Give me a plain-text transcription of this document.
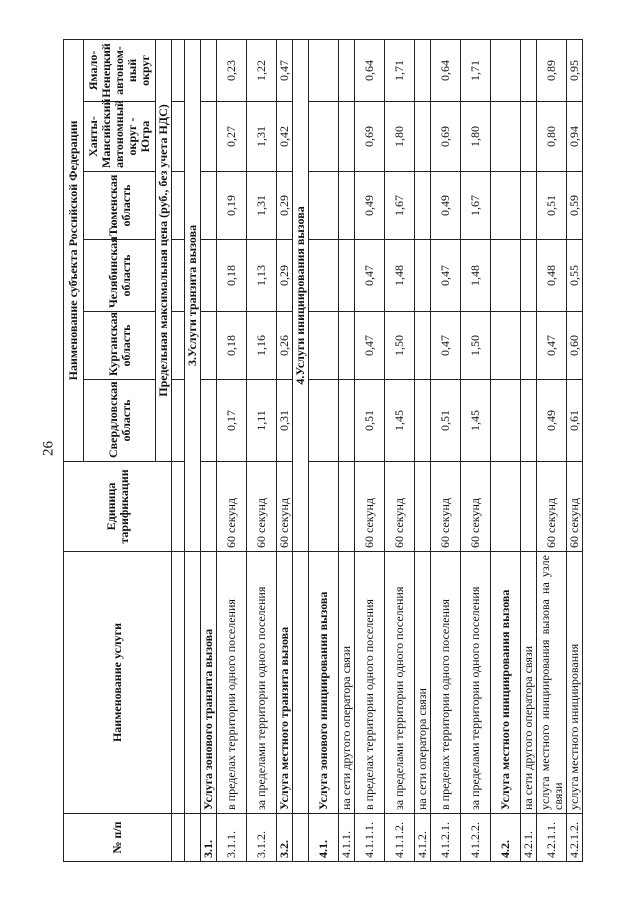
26
№ п/п	Наименование услуги	Единица тарификации	Наименование субъекта Российской Федерации					
			Свердловская область	Курганская область	Челябинская область	Тюменская область	Ханты-Мансийский автономный округ - Югра	Ямало-Ненецкий автоном-ный округ
			Предельная максимальная цена (руб., без учета НДС)					

		3.Услуги транзита вызова						
3.1.	Услуга зонового транзита вызова							
3.1.1.	в пределах территории одного поселения	60 секунд	0,17	0,18	0,18	0,19	0,27	0,23
3.1.2.	за пределами территории одного поселения	60 секунд	1,11	1,16	1,13	1,31	1,31	1,22
3.2.	Услуга местного транзита вызова	60 секунд	0,31	0,26	0,29	0,29	0,42	0,47
		4.Услуги инициирования вызова						
4.1.	Услуга зонового инициирования вызова							
4.1.1.	на сети другого оператора связи							
4.1.1.1.	в пределах территории одного поселения	60 секунд	0,51	0,47	0,47	0,49	0,69	0,64
4.1.1.2.	за пределами территории одного поселения	60 секунд	1,45	1,50	1,48	1,67	1,80	1,71
4.1.2.	на сети оператора связи							
4.1.2.1.	в пределах территории одного поселения	60 секунд	0,51	0,47	0,47	0,49	0,69	0,64
4.1.2.2.	за пределами территории одного поселения	60 секунд	1,45	1,50	1,48	1,67	1,80	1,71
4.2.	Услуга местного инициирования вызова							
4.2.1.	на сети другого оператора связи							
4.2.1.1.	услуга местного инициирования вызова на узле связи	60 секунд	0,49	0,47	0,48	0,51	0,80	0,89
4.2.1.2.	услуга местного инициирования	60 секунд	0,61	0,60	0,55	0,59	0,94	0,95
